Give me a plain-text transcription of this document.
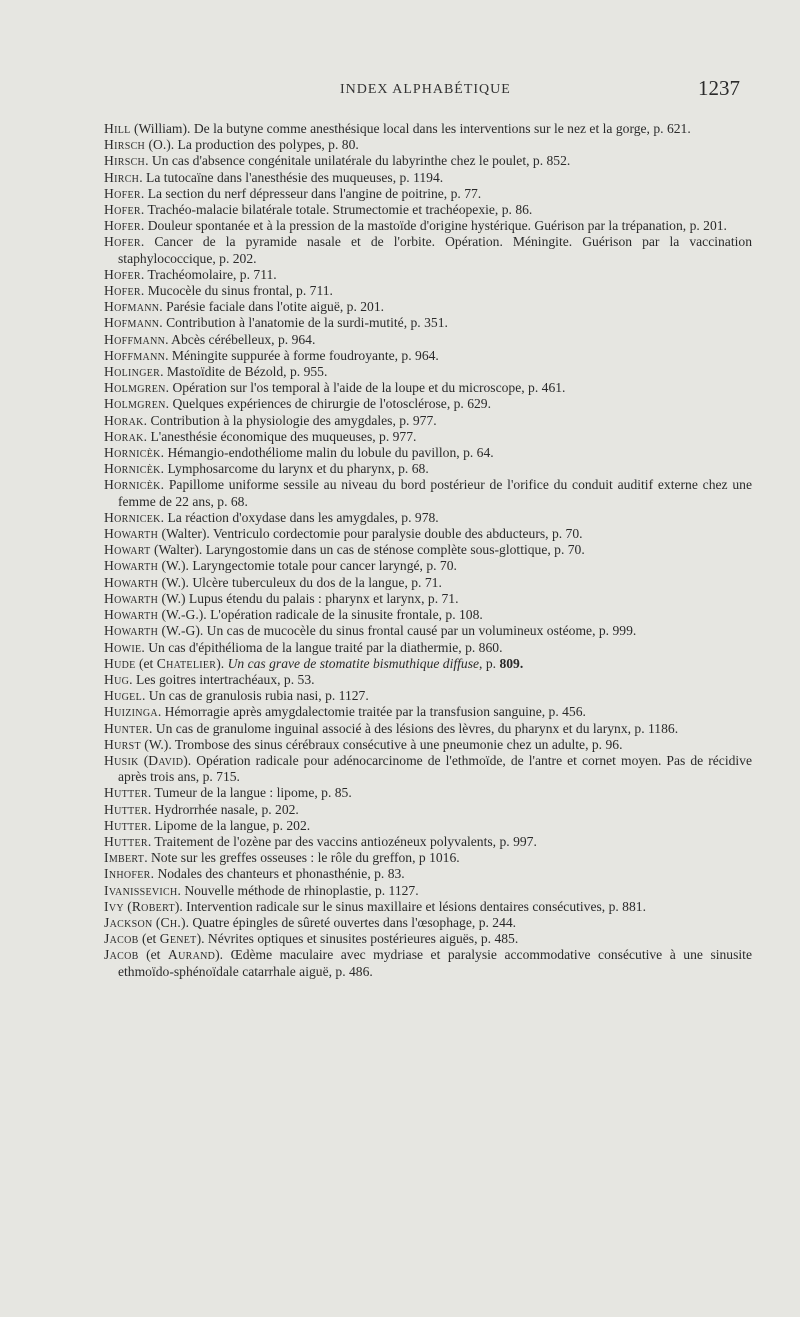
INDEX ALPHABÉTIQUE	1237

Hill (William). De la butyne comme anesthésique local dans les interventions sur le nez et la gorge, p. 621.

Hirsch (O.). La production des polypes, p. 80.

Hirsch. Un cas d'absence congénitale unilatérale du labyrinthe chez le poulet, p. 852.

Hirch. La tutocaïne dans l'anesthésie des muqueuses, p. 1194.

Hofer. La section du nerf dépresseur dans l'angine de poitrine, p. 77.

Hofer. Trachéo-malacie bilatérale totale. Strumectomie et trachéopexie, p. 86.

Hofer. Douleur spontanée et à la pression de la mastoïde d'origine hystérique. Guérison par la trépanation, p. 201.

Hofer. Cancer de la pyramide nasale et de l'orbite. Opération. Méningite. Guérison par la vaccination staphylococcique, p. 202.

Hofer. Trachéomolaire, p. 711.

Hofer. Mucocèle du sinus frontal, p. 711.

Hofmann. Parésie faciale dans l'otite aiguë, p. 201.

Hofmann. Contribution à l'anatomie de la surdi-mutité, p. 351.

Hoffmann. Abcès cérébelleux, p. 964.

Hoffmann. Méningite suppurée à forme foudroyante, p. 964.

Holinger. Mastoïdite de Bézold, p. 955.

Holmgren. Opération sur l'os temporal à l'aide de la loupe et du microscope, p. 461.

Holmgren. Quelques expériences de chirurgie de l'otosclérose, p. 629.

Horak. Contribution à la physiologie des amygdales, p. 977.

Horak. L'anesthésie économique des muqueuses, p. 977.

Hornicèk. Hémangio-endothéliome malin du lobule du pavillon, p. 64.

Hornicèk. Lymphosarcome du larynx et du pharynx, p. 68.

Hornicèk. Papillome uniforme sessile au niveau du bord postérieur de l'orifice du conduit auditif externe chez une femme de 22 ans, p. 68.

Hornicek. La réaction d'oxydase dans les amygdales, p. 978.

Howarth (Walter). Ventriculo cordectomie pour paralysie double des abducteurs, p. 70.

Howart (Walter). Laryngostomie dans un cas de sténose complète sous-glottique, p. 70.

Howarth (W.). Laryngectomie totale pour cancer laryngé, p. 70.

Howarth (W.). Ulcère tuberculeux du dos de la langue, p. 71.

Howarth (W.) Lupus étendu du palais : pharynx et larynx, p. 71.

Howarth (W.-G.). L'opération radicale de la sinusite frontale, p. 108.

Howarth (W.-G). Un cas de mucocèle du sinus frontal causé par un volumineux ostéome, p. 999.

Howie. Un cas d'épithélioma de la langue traité par la diathermie, p. 860.

Hude (et Chatelier). Un cas grave de stomatite bismuthique diffuse, p. 809.

Hug. Les goitres intertrachéaux, p. 53.

Hugel. Un cas de granulosis rubia nasi, p. 1127.

Huizinga. Hémorragie après amygdalectomie traitée par la transfusion sanguine, p. 456.

Hunter. Un cas de granulome inguinal associé à des lésions des lèvres, du pharynx et du larynx, p. 1186.

Hurst (W.). Trombose des sinus cérébraux consécutive à une pneumonie chez un adulte, p. 96.

Husik (David). Opération radicale pour adénocarcinome de l'ethmoïde, de l'antre et cornet moyen. Pas de récidive après trois ans, p. 715.

Hutter. Tumeur de la langue : lipome, p. 85.

Hutter. Hydrorrhée nasale, p. 202.

Hutter. Lipome de la langue, p. 202.

Hutter. Traitement de l'ozène par des vaccins antiozéneux polyvalents, p. 997.

Imbert. Note sur les greffes osseuses : le rôle du greffon, p 1016.

Inhofer. Nodales des chanteurs et phonasthénie, p. 83.

Ivanissevich. Nouvelle méthode de rhinoplastie, p. 1127.

Ivy (Robert). Intervention radicale sur le sinus maxillaire et lésions dentaires consécutives, p. 881.

Jackson (Ch.). Quatre épingles de sûreté ouvertes dans l'œsophage, p. 244.

Jacob (et Genet). Névrites optiques et sinusites postérieures aiguës, p. 485.

Jacob (et Aurand). Œdème maculaire avec mydriase et paralysie accommodative consécutive à une sinusite ethmoïdo-sphénoïdale catarrhale aiguë, p. 486.
